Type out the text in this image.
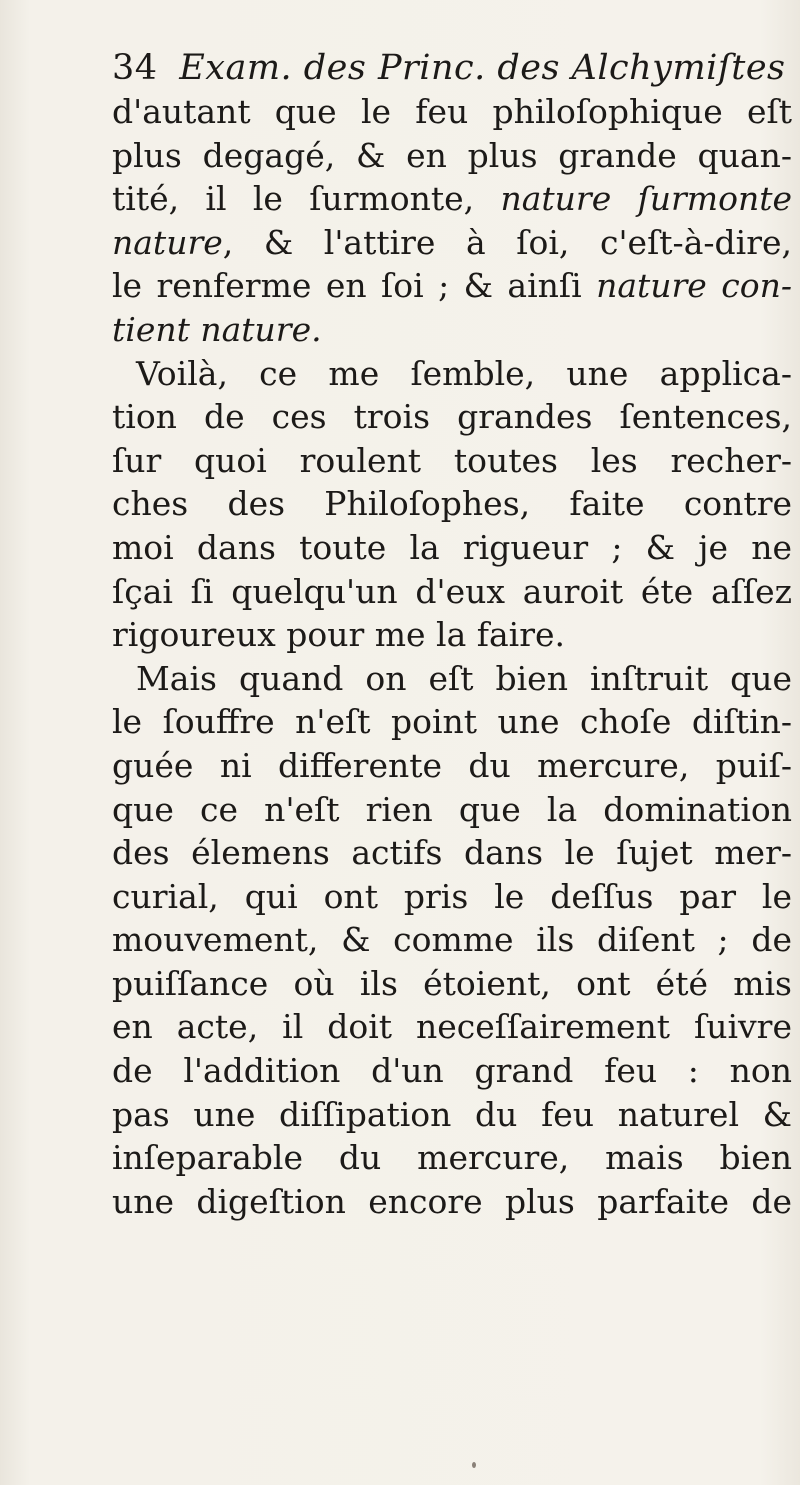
34 Exam. des Princ. des Alchymiſtes
d'autant que le feu philoſophique eſt
plus degagé, & en plus grande quan-
tité, il le ſurmonte, nature ſurmonte
nature, & l'attire à ſoi, c'eſt-à-dire,
le renferme en ſoi ; & ainſi nature con-
tient nature.
Voilà, ce me ſemble, une applica-
tion de ces trois grandes ſentences,
ſur quoi roulent toutes les recher-
ches des Philoſophes, faite contre
moi dans toute la rigueur ; & je ne
ſçai ſi quelqu'un d'eux auroit éte aſſez
rigoureux pour me la faire.
Mais quand on eſt bien inſtruit que
le ſouffre n'eſt point une choſe diſtin-
guée ni differente du mercure, puiſ-
que ce n'eſt rien que la domination
des élemens actifs dans le ſujet mer-
curial, qui ont pris le deſſus par le
mouvement, & comme ils diſent ; de
puiſſance où ils étoient, ont été mis
en acte, il doit neceſſairement ſuivre
de l'addition d'un grand feu : non
pas une diſſipation du feu naturel &
inſeparable du mercure, mais bien
une digeſtion encore plus parfaite de
